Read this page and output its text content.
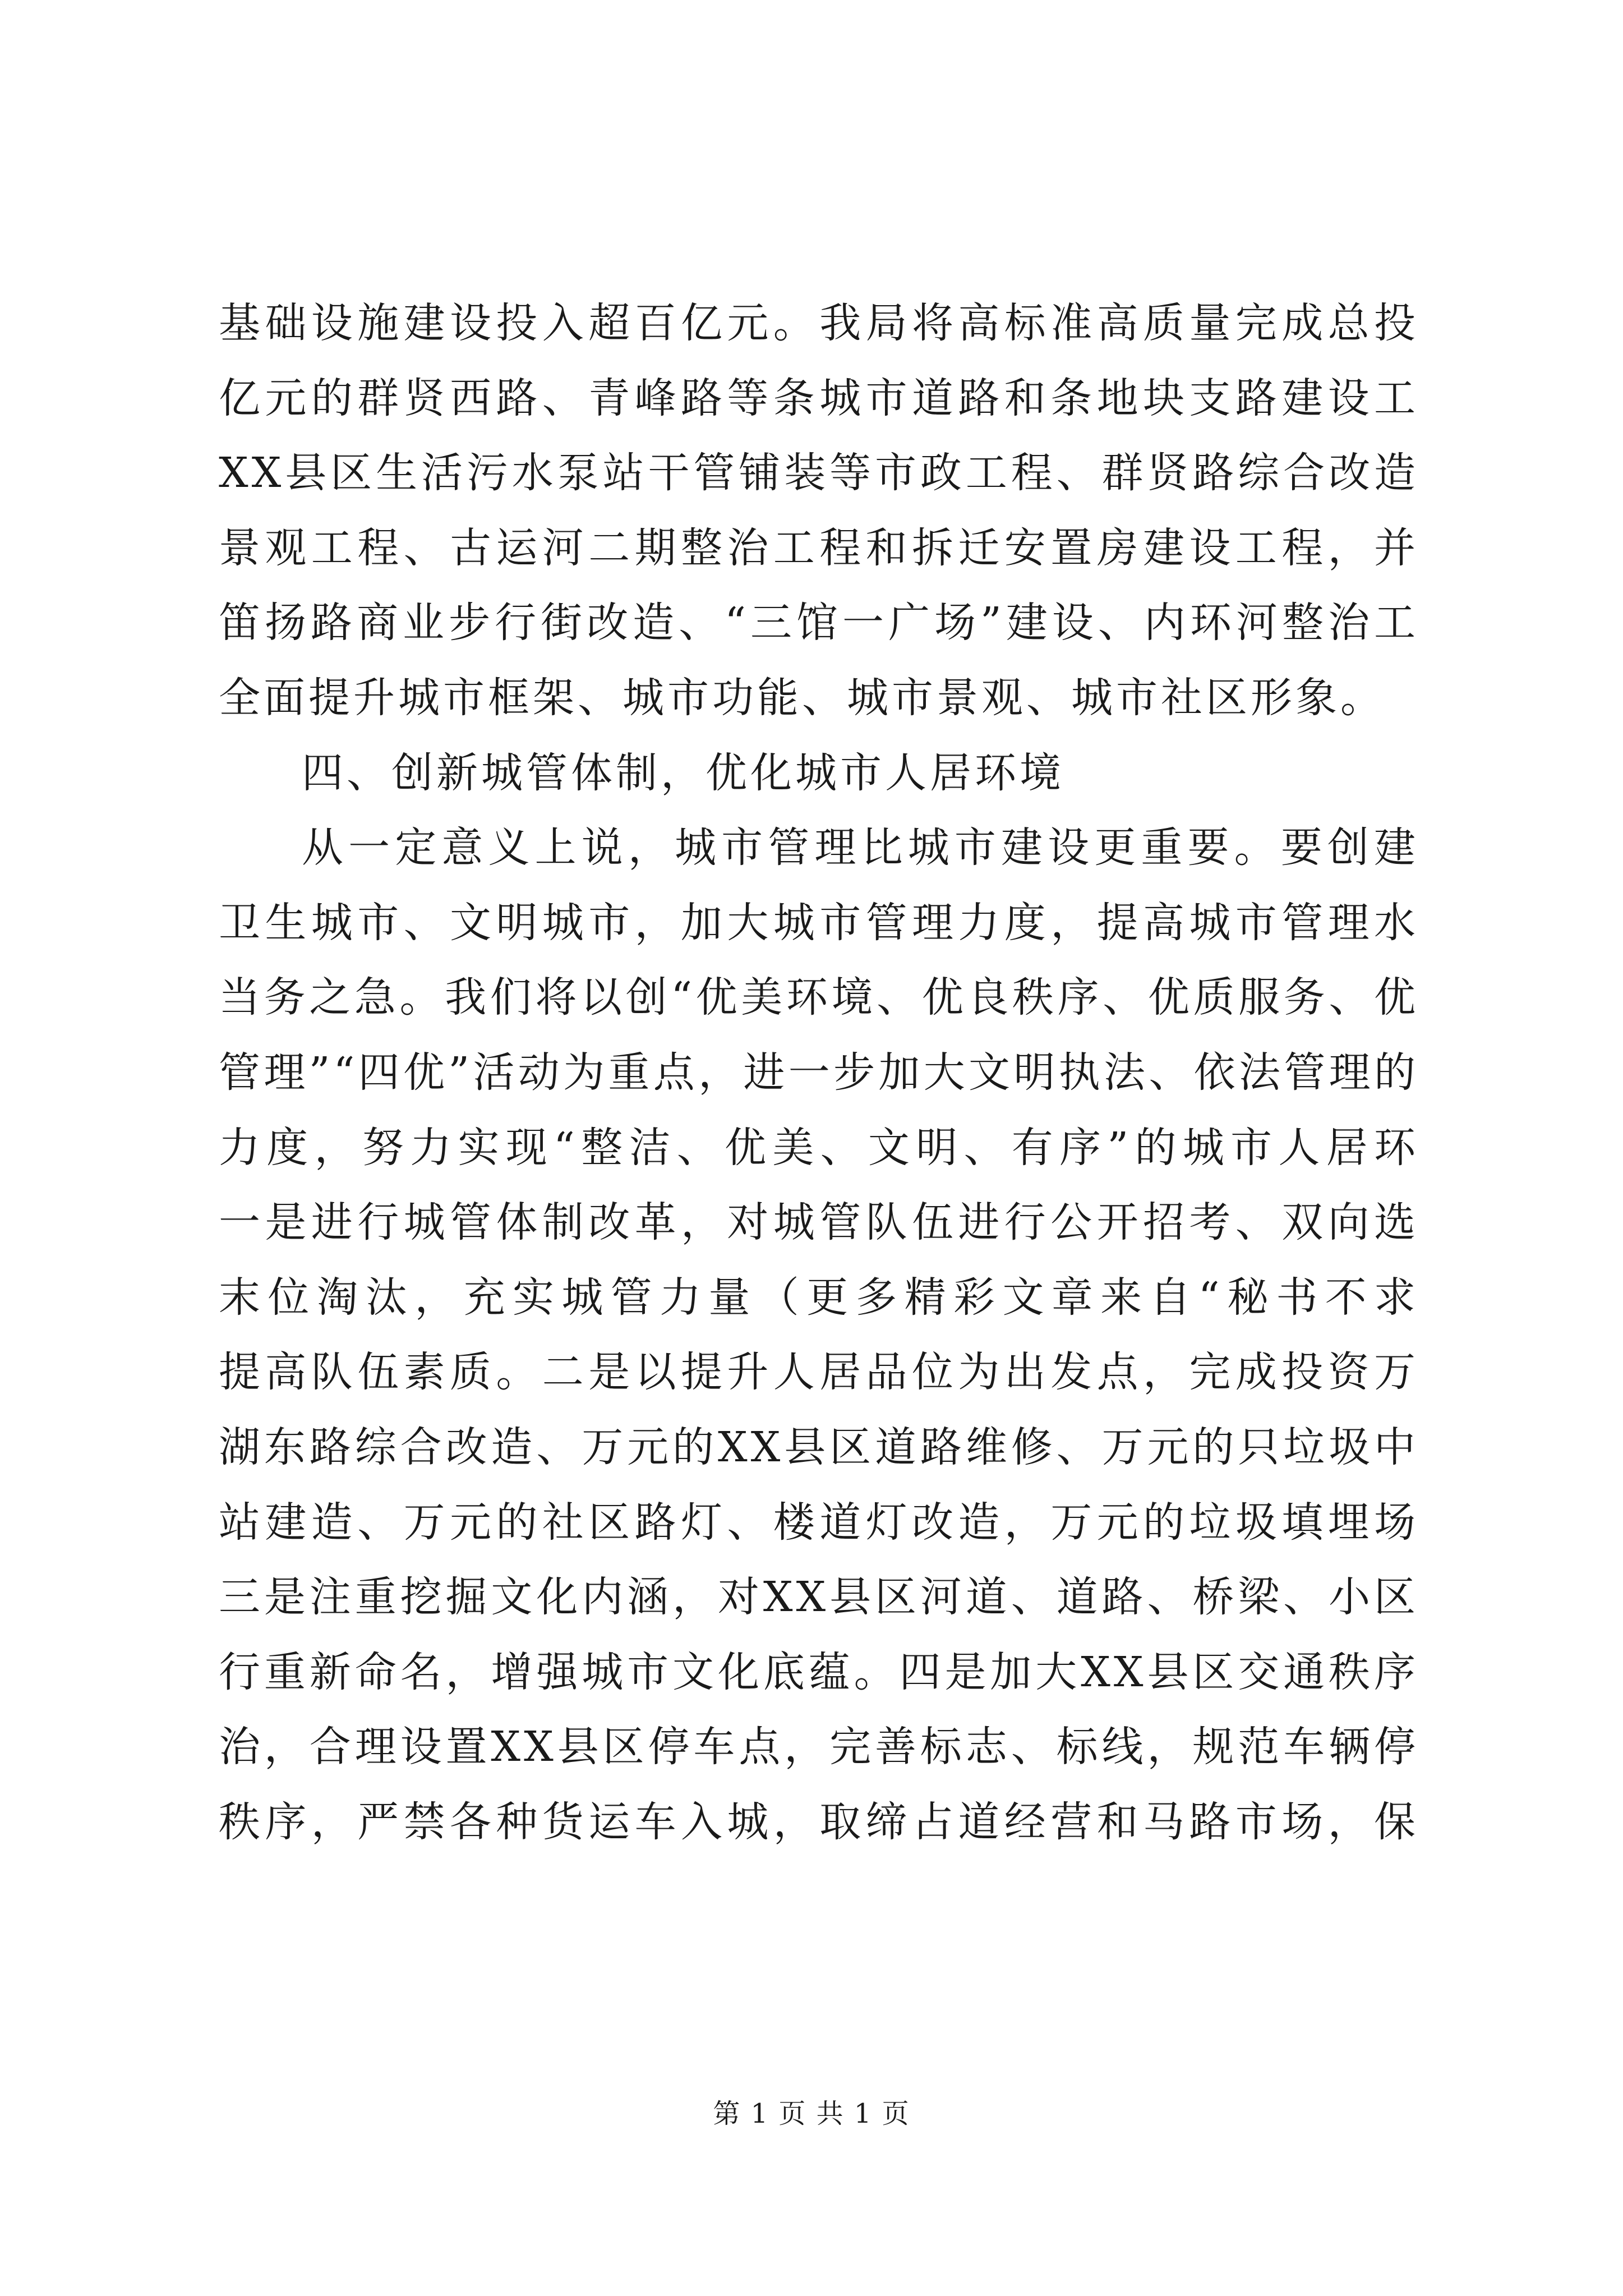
基础设施建设投入超百亿元。我局将高标准高质量完成总投
亿元的群贤西路、青峰路等条城市道路和条地块支路建设工
XX县区生活污水泵站干管铺装等市政工程、群贤路综合改造
景观工程、古运河二期整治工程和拆迁安置房建设工程，并
笛扬路商业步行街改造、“三馆一广场”建设、内环河整治工
全面提升城市框架、城市功能、城市景观、城市社区形象。
四、创新城管体制，优化城市人居环境
从一定意义上说，城市管理比城市建设更重要。要创建
卫生城市、文明城市，加大城市管理力度，提高城市管理水
当务之急。我们将以创“优美环境、优良秩序、优质服务、优
管理”“四优”活动为重点，进一步加大文明执法、依法管理的
力度，努力实现“整洁、优美、文明、有序”的城市人居环
一是进行城管体制改革，对城管队伍进行公开招考、双向选
末位淘汰，充实城管力量（更多精彩文章来自“秘书不求
提高队伍素质。二是以提升人居品位为出发点，完成投资万
湖东路综合改造、万元的XX县区道路维修、万元的只垃圾中
站建造、万元的社区路灯、楼道灯改造，万元的垃圾填埋场
三是注重挖掘文化内涵，对XX县区河道、道路、桥梁、小区
行重新命名，增强城市文化底蕴。四是加大XX县区交通秩序
治，合理设置XX县区停车点，完善标志、标线，规范车辆停
秩序，严禁各种货运车入城，取缔占道经营和马路市场，保
第 1 页 共 1 页
